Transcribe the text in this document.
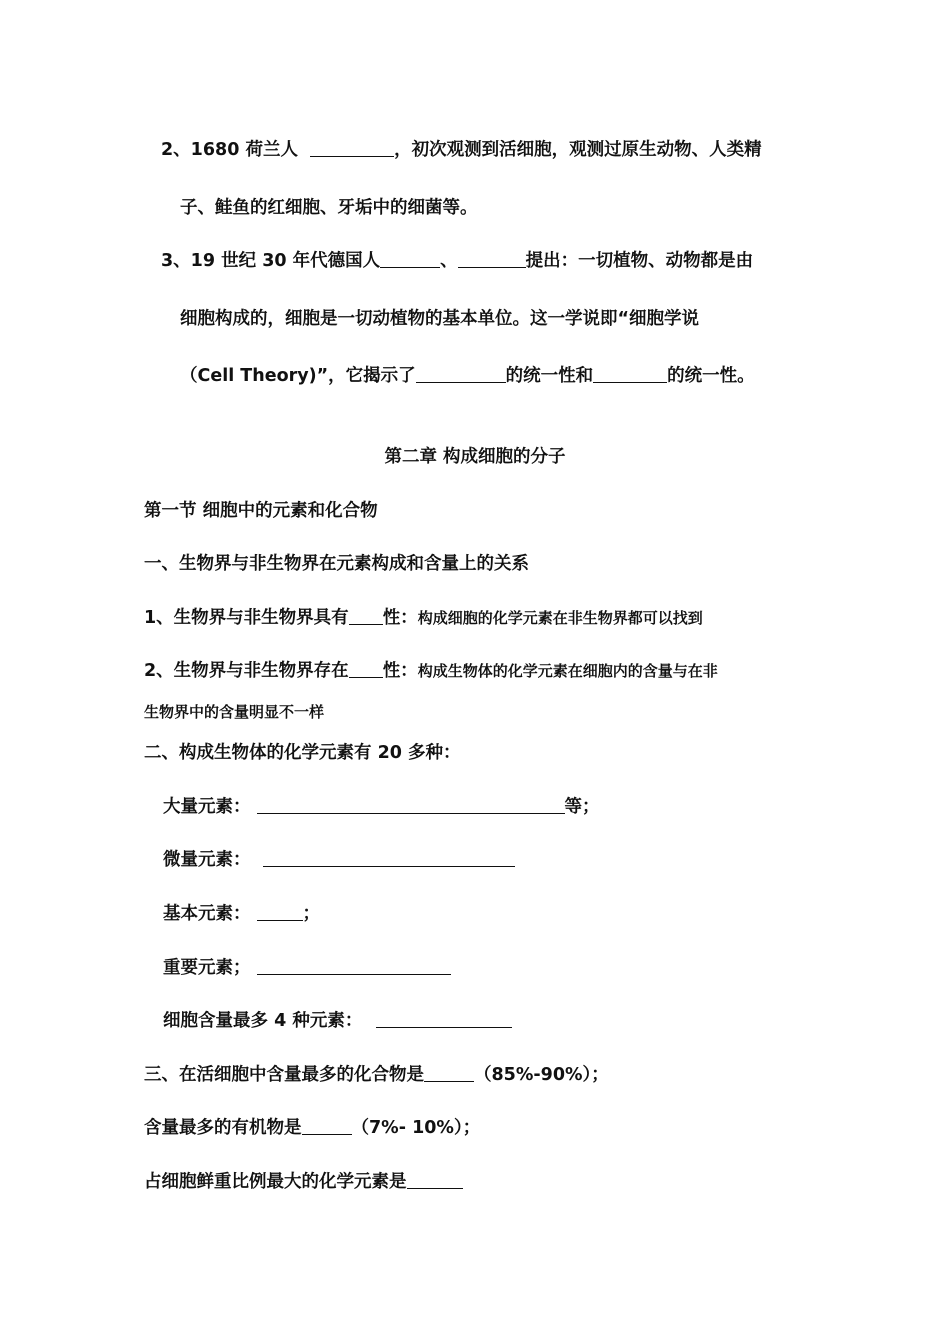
2、1680 荷兰人	，初次观测到活细胞，观测过原生动物、人类精
子、鲑鱼的红细胞、牙垢中的细菌等。
3、19 世纪 30 年代德国人	、	提出：一切植物、动物都是由
细胞构成的，细胞是一切动植物的基本单位。这一学说即“细胞学说
（Cell Theory)”，它揭示了	的统一性和	的统一性。
第二章 构成细胞的分子
第一节 细胞中的元素和化合物
一、生物界与非生物界在元素构成和含量上的关系
1、生物界与非生物界具有 性：构成细胞的化学元素在非生物界都可以找到
2、生物界与非生物界存在 性：构成生物体的化学元素在细胞内的含量与在非
生物界中的含量明显不一样
二、构成生物体的化学元素有 20 多种：
大量元素：	等；
微量元素：
基本元素：	；
重要元素；
细胞含量最多 4 种元素：
三、在活细胞中含量最多的化合物是	（85%-90%）；
含量最多的有机物是	（7%- 10%）；
占细胞鲜重比例最大的化学元素是
